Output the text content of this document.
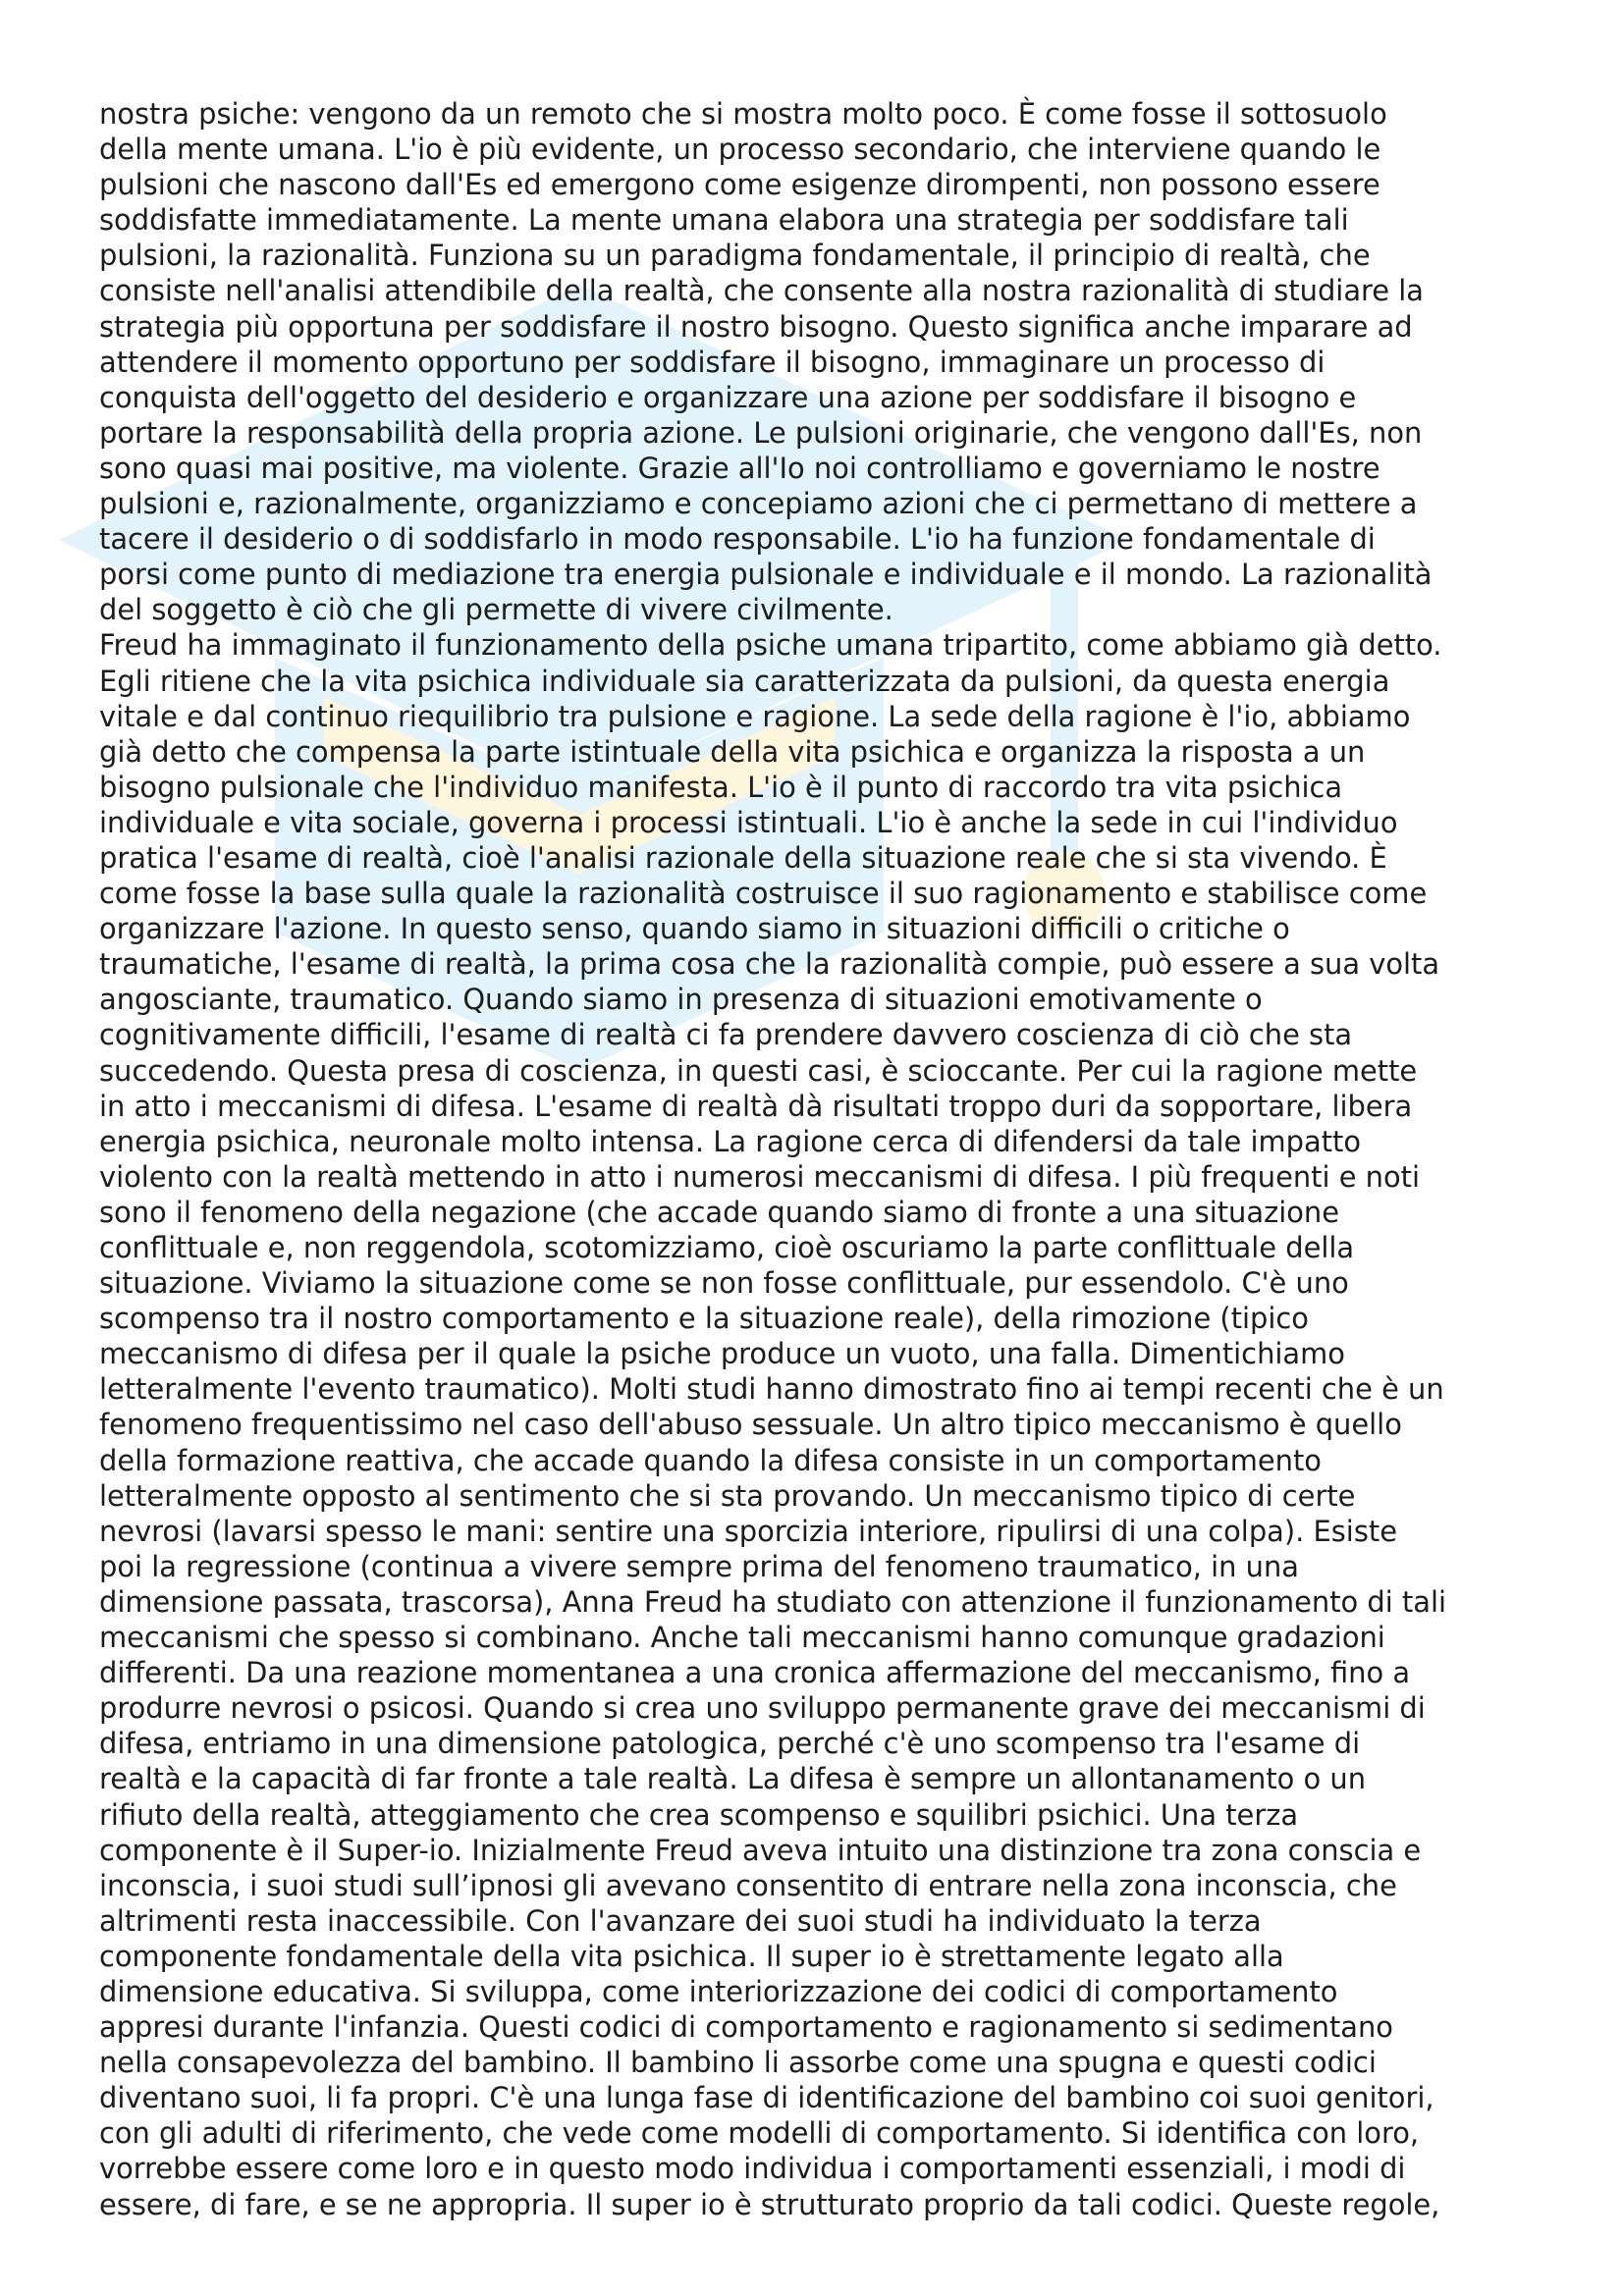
nostra psiche: vengono da un remoto che si mostra molto poco. È come fosse il sottosuolo
della mente umana. L'io è più evidente, un processo secondario, che interviene quando le
pulsioni che nascono dall'Es ed emergono come esigenze dirompenti, non possono essere
soddisfatte immediatamente. La mente umana elabora una strategia per soddisfare tali
pulsioni, la razionalità. Funziona su un paradigma fondamentale, il principio di realtà, che
consiste nell'analisi attendibile della realtà, che consente alla nostra razionalità di studiare la
strategia più opportuna per soddisfare il nostro bisogno. Questo significa anche imparare ad
attendere il momento opportuno per soddisfare il bisogno, immaginare un processo di
conquista dell'oggetto del desiderio e organizzare una azione per soddisfare il bisogno e
portare la responsabilità della propria azione. Le pulsioni originarie, che vengono dall'Es, non
sono quasi mai positive, ma violente. Grazie all'Io noi controlliamo e governiamo le nostre
pulsioni e, razionalmente, organizziamo e concepiamo azioni che ci permettano di mettere a
tacere il desiderio o di soddisfarlo in modo responsabile. L'io ha funzione fondamentale di
porsi come punto di mediazione tra energia pulsionale e individuale e il mondo. La razionalità
del soggetto è ciò che gli permette di vivere civilmente.

Freud ha immaginato il funzionamento della psiche umana tripartito, come abbiamo già detto.
Egli ritiene che la vita psichica individuale sia caratterizzata da pulsioni, da questa energia
vitale e dal continuo riequilibrio tra pulsione e ragione. La sede della ragione è l'io, abbiamo
già detto che compensa la parte istintuale della vita psichica e organizza la risposta a un
bisogno pulsionale che l'individuo manifesta. L'io è il punto di raccordo tra vita psichica
individuale e vita sociale, governa i processi istintuali. L'io è anche la sede in cui l'individuo
pratica l'esame di realtà, cioè l'analisi razionale della situazione reale che si sta vivendo. È
come fosse la base sulla quale la razionalità costruisce il suo ragionamento e stabilisce come
organizzare l'azione. In questo senso, quando siamo in situazioni difficili o critiche o
traumatiche, l'esame di realtà, la prima cosa che la razionalità compie, può essere a sua volta
angosciante, traumatico. Quando siamo in presenza di situazioni emotivamente o
cognitivamente difficili, l'esame di realtà ci fa prendere davvero coscienza di ciò che sta
succedendo. Questa presa di coscienza, in questi casi, è scioccante. Per cui la ragione mette
in atto i meccanismi di difesa. L'esame di realtà dà risultati troppo duri da sopportare, libera
energia psichica, neuronale molto intensa. La ragione cerca di difendersi da tale impatto
violento con la realtà mettendo in atto i numerosi meccanismi di difesa. I più frequenti e noti
sono il fenomeno della negazione (che accade quando siamo di fronte a una situazione
conflittuale e, non reggendola, scotomizziamo, cioè oscuriamo la parte conflittuale della
situazione. Viviamo la situazione come se non fosse conflittuale, pur essendolo. C'è uno
scompenso tra il nostro comportamento e la situazione reale), della rimozione (tipico
meccanismo di difesa per il quale la psiche produce un vuoto, una falla. Dimentichiamo
letteralmente l'evento traumatico). Molti studi hanno dimostrato fino ai tempi recenti che è un
fenomeno frequentissimo nel caso dell'abuso sessuale. Un altro tipico meccanismo è quello
della formazione reattiva, che accade quando la difesa consiste in un comportamento
letteralmente opposto al sentimento che si sta provando. Un meccanismo tipico di certe
nevrosi (lavarsi spesso le mani: sentire una sporcizia interiore, ripulirsi di una colpa). Esiste
poi la regressione (continua a vivere sempre prima del fenomeno traumatico, in una
dimensione passata, trascorsa), Anna Freud ha studiato con attenzione il funzionamento di tali
meccanismi che spesso si combinano. Anche tali meccanismi hanno comunque gradazioni
differenti. Da una reazione momentanea a una cronica affermazione del meccanismo, fino a
produrre nevrosi o psicosi. Quando si crea uno sviluppo permanente grave dei meccanismi di
difesa, entriamo in una dimensione patologica, perché c'è uno scompenso tra l'esame di
realtà e la capacità di far fronte a tale realtà. La difesa è sempre un allontanamento o un
rifiuto della realtà, atteggiamento che crea scompenso e squilibri psichici. Una terza
componente è il Super-io. Inizialmente Freud aveva intuito una distinzione tra zona conscia e
inconscia, i suoi studi sull’ipnosi gli avevano consentito di entrare nella zona inconscia, che
altrimenti resta inaccessibile. Con l'avanzare dei suoi studi ha individuato la terza
componente fondamentale della vita psichica. Il super io è strettamente legato alla
dimensione educativa. Si sviluppa, come interiorizzazione dei codici di comportamento
appresi durante l'infanzia. Questi codici di comportamento e ragionamento si sedimentano
nella consapevolezza del bambino. Il bambino li assorbe come una spugna e questi codici
diventano suoi, li fa propri. C'è una lunga fase di identificazione del bambino coi suoi genitori,
con gli adulti di riferimento, che vede come modelli di comportamento. Si identifica con loro,
vorrebbe essere come loro e in questo modo individua i comportamenti essenziali, i modi di
essere, di fare, e se ne appropria. Il super io è strutturato proprio da tali codici. Queste regole,
